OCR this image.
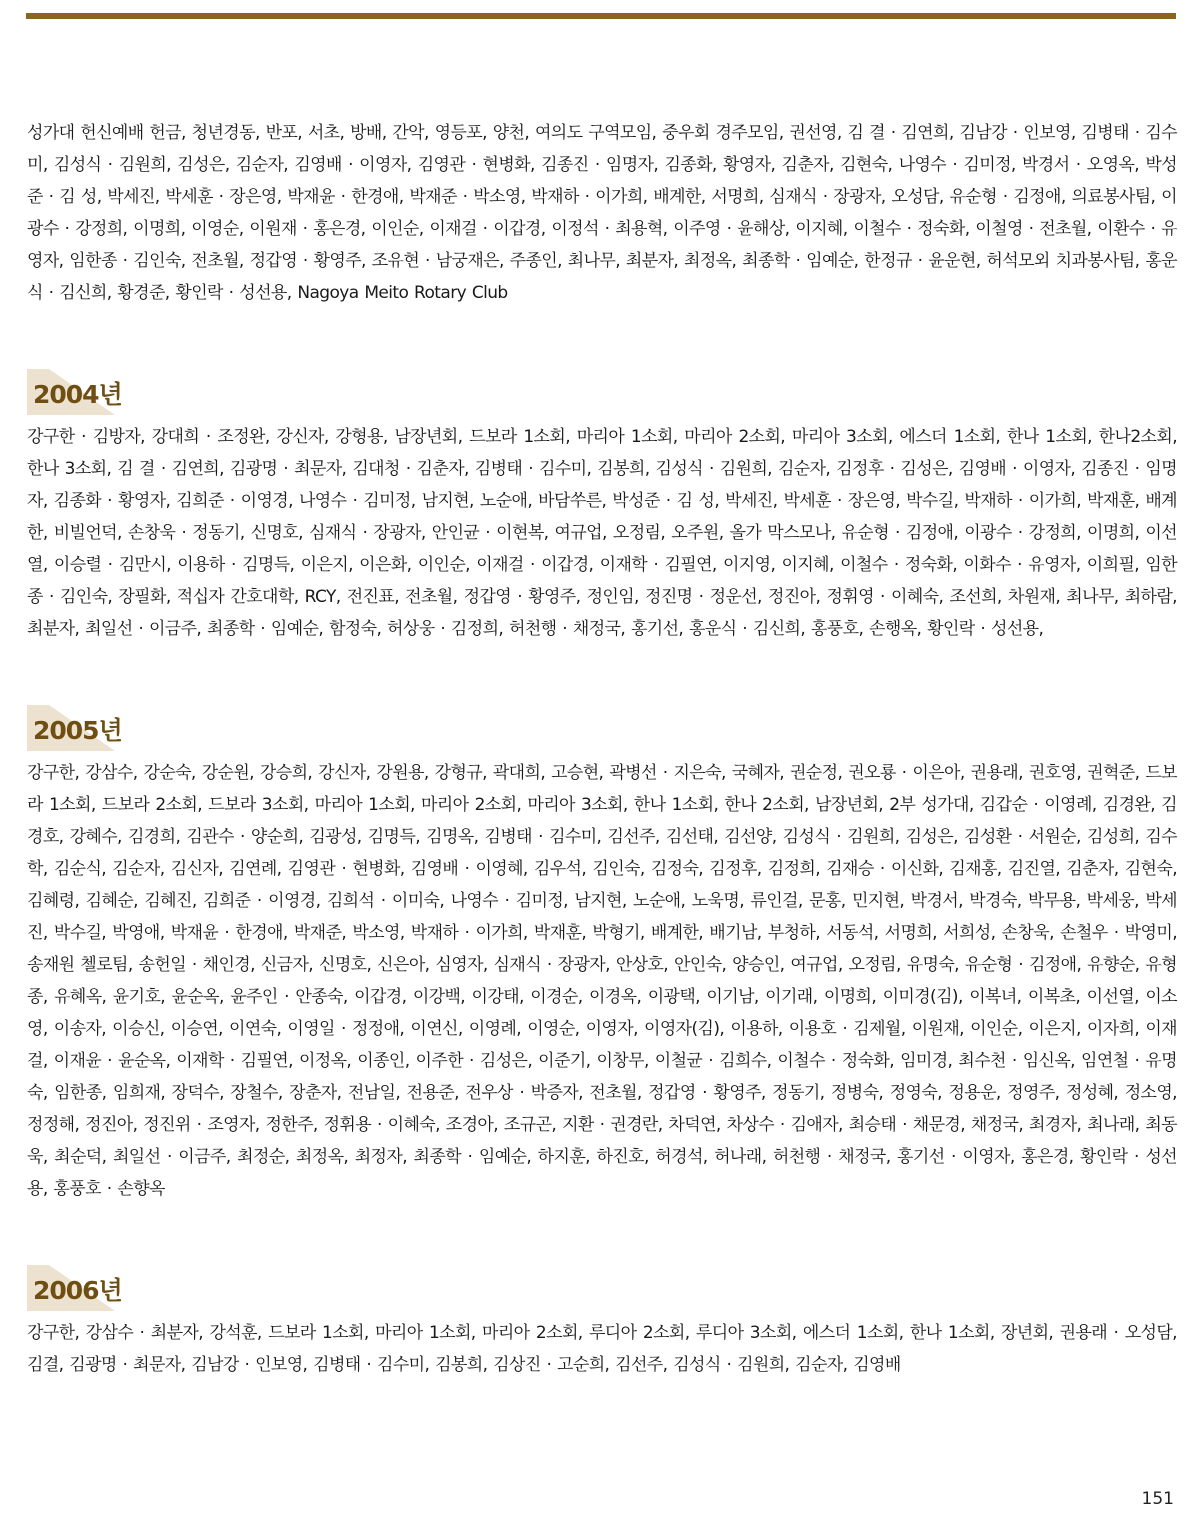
성가대 헌신예배 헌금, 청년경동, 반포, 서초, 방배, 간악, 영등포, 양천, 여의도 구역모임, 중우회 경주모임, 권선영, 김 결 · 김연희, 김남강 · 인보영, 김병태 · 김수미, 김성식 · 김원희, 김성은, 김순자, 김영배 · 이영자, 김영관 · 현병화, 김종진 · 임명자, 김종화, 황영자, 김춘자, 김현숙, 나영수 · 김미정, 박경서 · 오영옥, 박성준 · 김 성, 박세진, 박세훈 · 장은영, 박재윤 · 한경애, 박재준 · 박소영, 박재하 · 이가희, 배계한, 서명희, 심재식 · 장광자, 오성담, 유순형 · 김정애, 의료봉사팀, 이광수 · 강정희, 이명희, 이영순, 이원재 · 홍은경, 이인순, 이재걸 · 이갑경, 이정석 · 최용혁, 이주영 · 윤해상, 이지혜, 이철수 · 정숙화, 이철영 · 전초월, 이환수 · 유영자, 임한종 · 김인숙, 전초월, 정갑영 · 황영주, 조유현 · 남궁재은, 주종인, 최나무, 최분자, 최정옥, 최종학 · 임예순, 한정규 · 윤운현, 허석모외 치과봉사팀, 홍운식 · 김신희, 황경준, 황인락 · 성선용, Nagoya Meito Rotary Club

2004년

강구한 · 김방자, 강대희 · 조정완, 강신자, 강형용, 남장년회, 드보라 1소회, 마리아 1소회, 마리아 2소회, 마리아 3소회, 에스더 1소회, 한나 1소회, 한나2소회, 한나 3소회, 김 결 · 김연희, 김광명 · 최문자, 김대청 · 김춘자, 김병태 · 김수미, 김봉희, 김성식 · 김원희, 김순자, 김정후 · 김성은, 김영배 · 이영자, 김종진 · 임명자, 김종화 · 황영자, 김희준 · 이영경, 나영수 · 김미정, 남지현, 노순애, 바담쑤른, 박성준 · 김 성, 박세진, 박세훈 · 장은영, 박수길, 박재하 · 이가희, 박재훈, 배계한, 비빌언덕, 손창욱 · 정동기, 신명호, 심재식 · 장광자, 안인균 · 이현복, 여규업, 오정림, 오주원, 올가 막스모나, 유순형 · 김정애, 이광수 · 강정희, 이명희, 이선열, 이승렬 · 김만시, 이용하 · 김명득, 이은지, 이은화, 이인순, 이재걸 · 이갑경, 이재학 · 김필연, 이지영, 이지혜, 이철수 · 정숙화, 이화수 · 유영자, 이희필, 임한종 · 김인숙, 장필화, 적십자 간호대학, RCY, 전진표, 전초월, 정갑영 · 황영주, 정인임, 정진명 · 정운선, 정진아, 정휘영 · 이혜숙, 조선희, 차원재, 최나무, 최하람, 최분자, 최일선 · 이금주, 최종학 · 임예순, 함정숙, 허상웅 · 김정희, 허천행 · 채정국, 홍기선, 홍운식 · 김신희, 홍풍호, 손행옥, 황인락 · 성선용,

2005년

강구한, 강삼수, 강순숙, 강순원, 강승희, 강신자, 강원용, 강형규, 곽대희, 고승현, 곽병선 · 지은숙, 국혜자, 권순정, 권오룡 · 이은아, 권용래, 권호영, 권혁준, 드보라 1소회, 드보라 2소회, 드보라 3소회, 마리아 1소회, 마리아 2소회, 마리아 3소회, 한나 1소회, 한나 2소회, 남장년회, 2부 성가대, 김갑순 · 이영례, 김경완, 김경호, 강혜수, 김경희, 김관수 · 양순희, 김광성, 김명득, 김명옥, 김병태 · 김수미, 김선주, 김선태, 김선양, 김성식 · 김원희, 김성은, 김성환 · 서원순, 김성희, 김수학, 김순식, 김순자, 김신자, 김연례, 김영관 · 현병화, 김영배 · 이영혜, 김우석, 김인숙, 김정숙, 김정후, 김정희, 김재승 · 이신화, 김재홍, 김진열, 김춘자, 김현숙, 김혜령, 김혜순, 김혜진, 김희준 · 이영경, 김희석 · 이미숙, 나영수 · 김미정, 남지현, 노순애, 노욱명, 류인걸, 문홍, 민지현, 박경서, 박경숙, 박무용, 박세웅, 박세진, 박수길, 박영애, 박재윤 · 한경애, 박재준, 박소영, 박재하 · 이가희, 박재훈, 박형기, 배계한, 배기남, 부청하, 서동석, 서명희, 서희성, 손창욱, 손철우 · 박영미, 송재원 첼로팀, 송헌일 · 채인경, 신금자, 신명호, 신은아, 심영자, 심재식 · 장광자, 안상호, 안인숙, 양승인, 여규업, 오정림, 유명숙, 유순형 · 김정애, 유향순, 유형종, 유혜옥, 윤기호, 윤순옥, 윤주인 · 안종숙, 이갑경, 이강백, 이강태, 이경순, 이경옥, 이광택, 이기남, 이기래, 이명희, 이미경(김), 이복녀, 이복초, 이선열, 이소영, 이송자, 이승신, 이승연, 이연숙, 이영일 · 정정애, 이연신, 이영례, 이영순, 이영자, 이영자(김), 이용하, 이용호 · 김제월, 이원재, 이인순, 이은지, 이자희, 이재걸, 이재윤 · 윤순옥, 이재학 · 김필연, 이정옥, 이종인, 이주한 · 김성은, 이준기, 이창무, 이철균 · 김희수, 이철수 · 정숙화, 임미경, 최수천 · 임신옥, 임연철 · 유명숙, 임한종, 임희재, 장덕수, 장철수, 장춘자, 전남일, 전용준, 전우상 · 박증자, 전초월, 정갑영 · 황영주, 정동기, 정병숙, 정영숙, 정용운, 정영주, 정성혜, 정소영, 정정해, 정진아, 정진위 · 조영자, 정한주, 정휘용 · 이혜숙, 조경아, 조규곤, 지환 · 권경란, 차덕연, 차상수 · 김애자, 최승태 · 채문경, 채정국, 최경자, 최나래, 최동욱, 최순덕, 최일선 · 이금주, 최정순, 최정옥, 최정자, 최종학 · 임예순, 하지훈, 하진호, 허경석, 허나래, 허천행 · 채정국, 홍기선 · 이영자, 홍은경, 황인락 · 성선용, 홍풍호 · 손향옥

2006년

강구한, 강삼수 · 최분자, 강석훈, 드보라 1소회, 마리아 1소회, 마리아 2소회, 루디아 2소회, 루디아 3소회, 에스더 1소회, 한나 1소회, 장년회, 권용래 · 오성담, 김결, 김광명 · 최문자, 김남강 · 인보영, 김병태 · 김수미, 김봉희, 김상진 · 고순희, 김선주, 김성식 · 김원희, 김순자, 김영배

151
